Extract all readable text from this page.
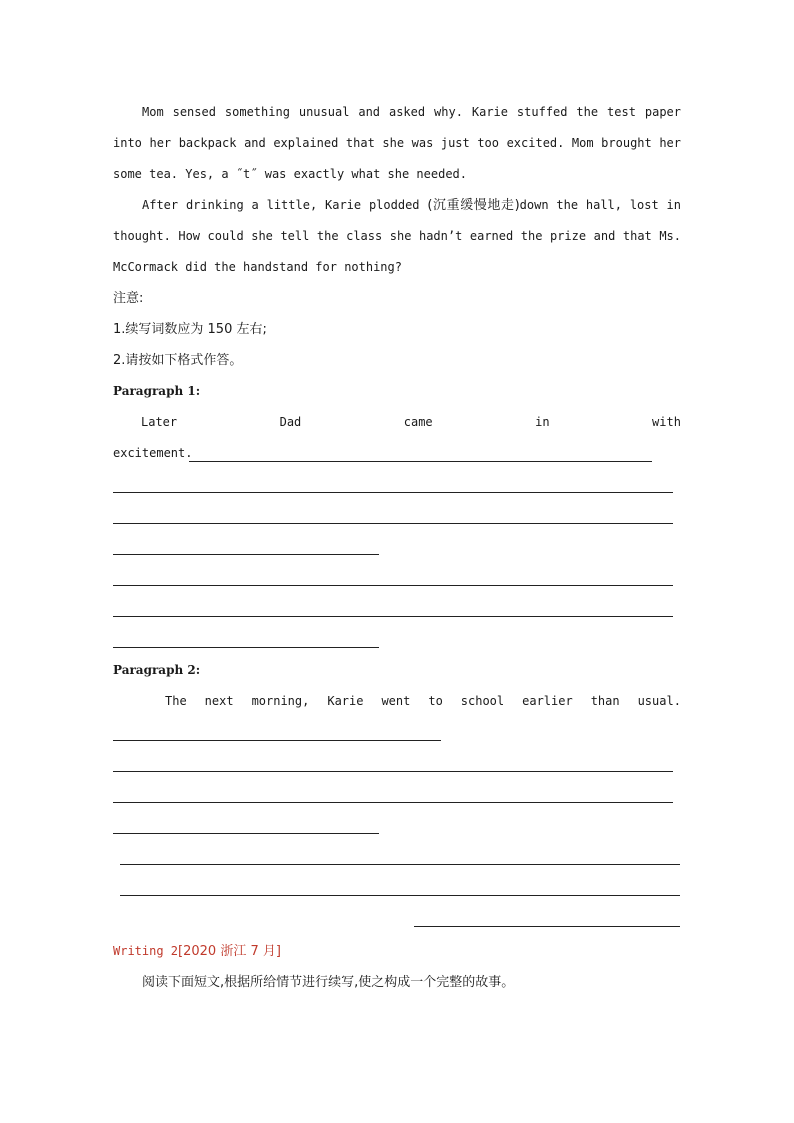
Mom sensed something unusual and asked why. Karie stuffed the test paper into her backpack and explained that she was just too excited. Mom brought her some tea. Yes, a ˝t˝ was exactly what she needed.
After drinking a little, Karie plodded (沉重缓慢地走)down the hall, lost in thought. How could she tell the class she hadn’t earned the prize and that Ms. McCormack did the handstand for nothing?
注意:
1.续写词数应为 150 左右;
2.请按如下格式作答。
Paragraph 1:
Later	Dad	came	in	with
excitement.
Paragraph 2:
The next morning, Karie went to school earlier than usual.
Writing 2[2020 浙江 7 月]
阅读下面短文,根据所给情节进行续写,使之构成一个完整的故事。
